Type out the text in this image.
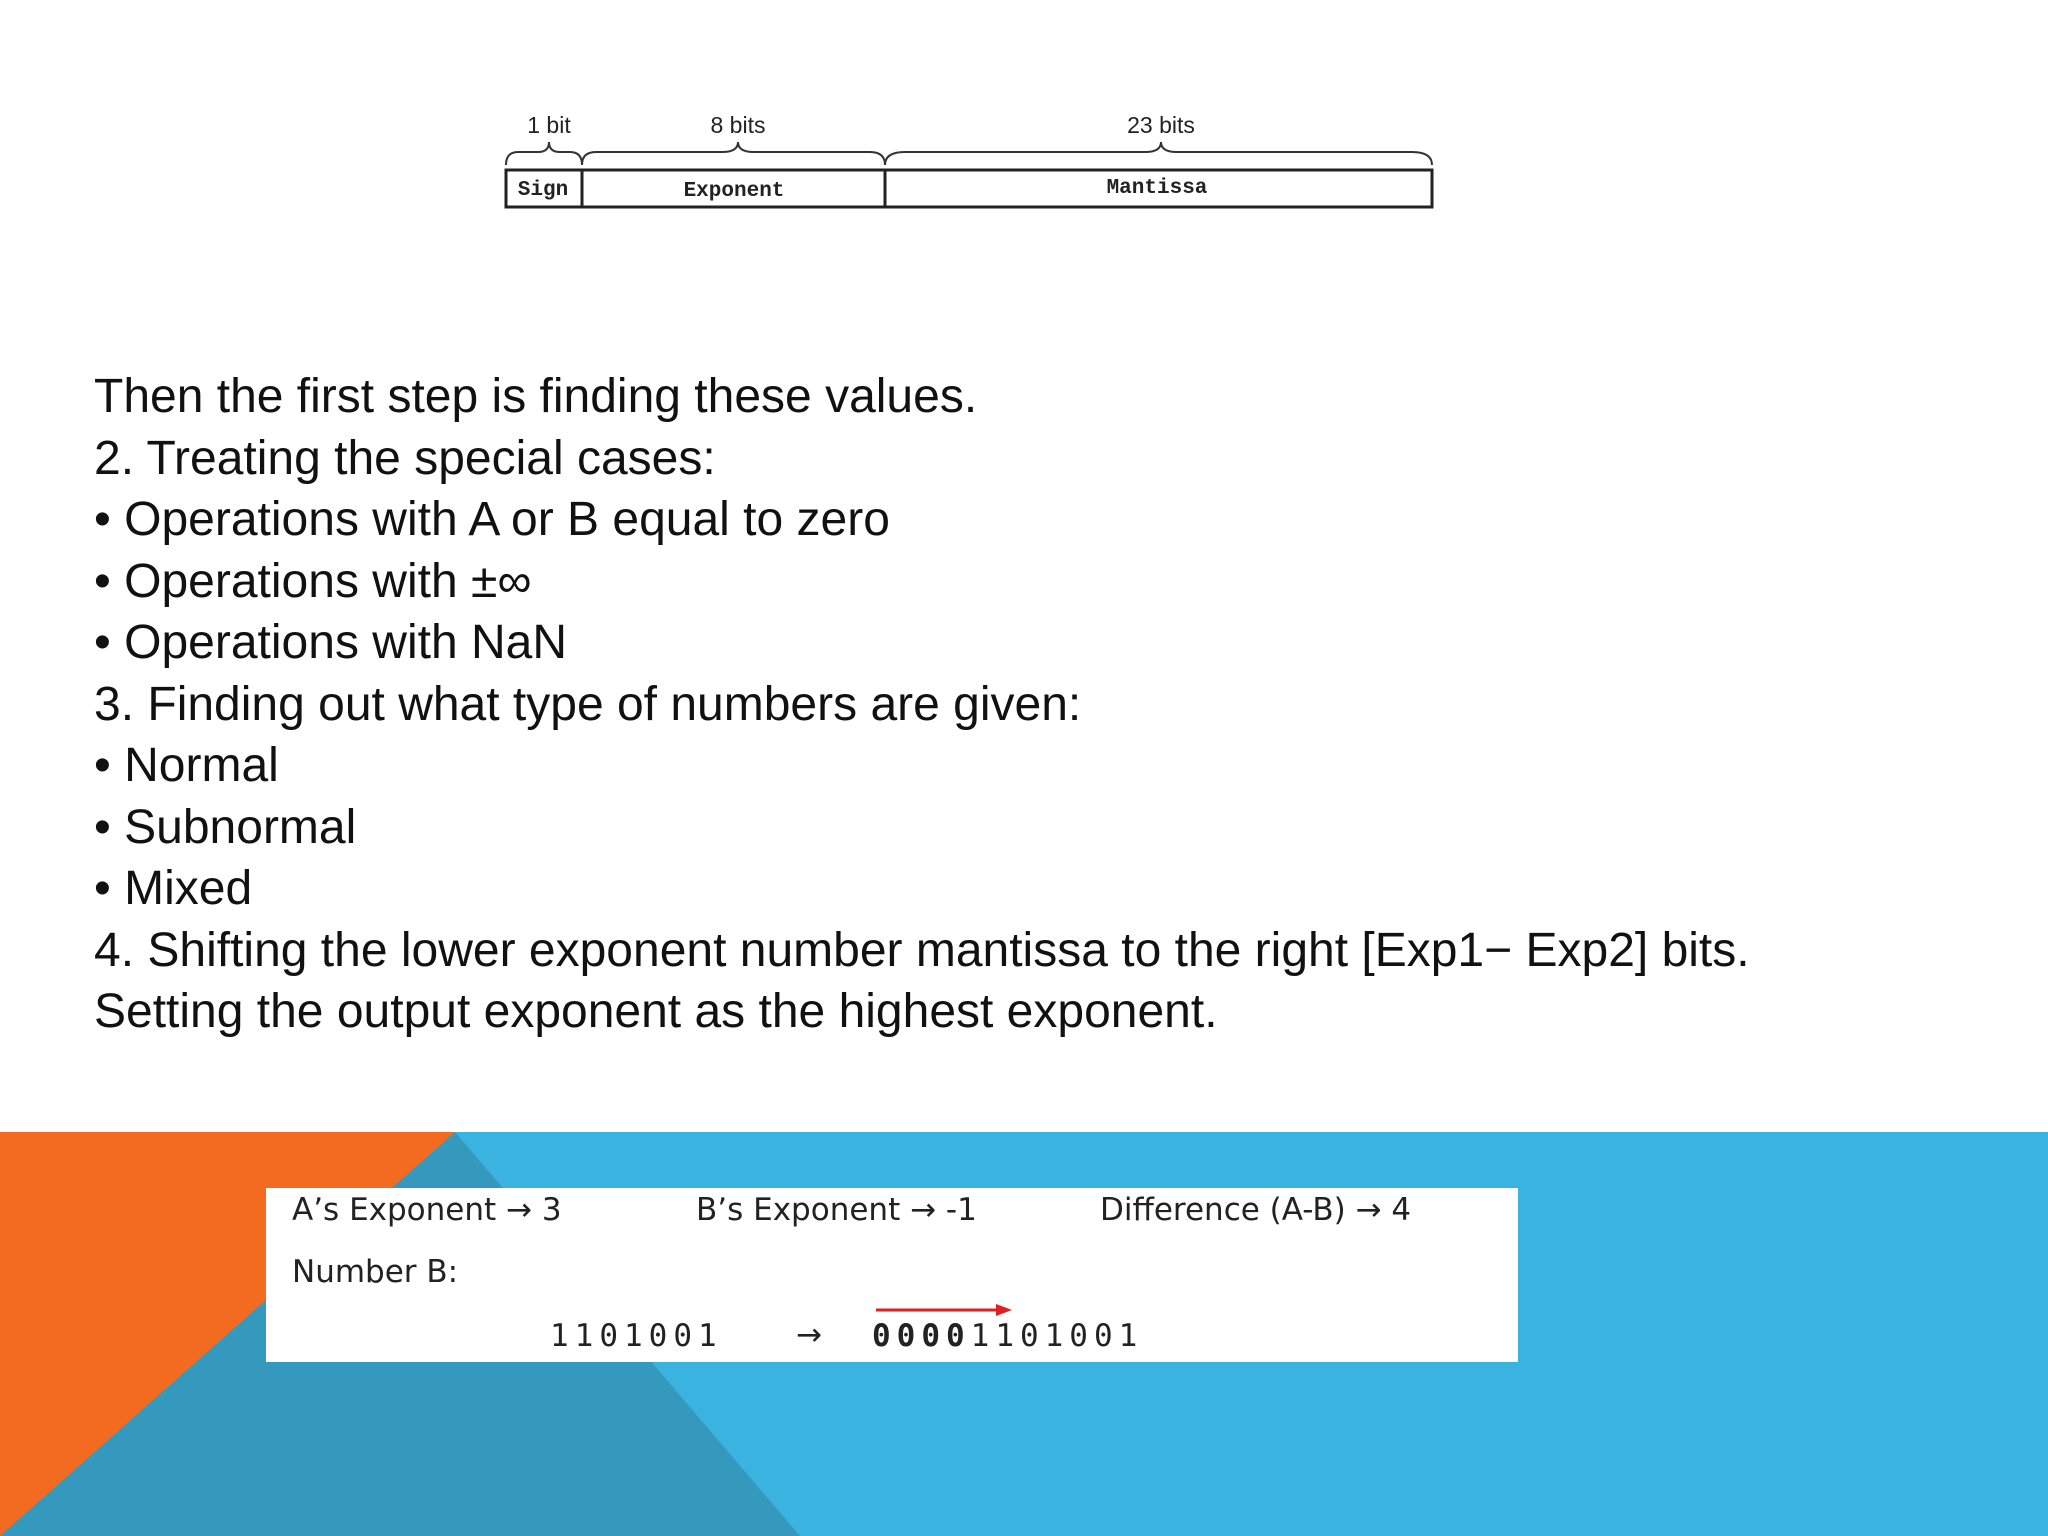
1 bit	8 bits	23 bits
Sign	Exponent	Mantissa
Then the first step is finding these values.
2. Treating the special cases:
• Operations with A or B equal to zero
• Operations with ±∞
• Operations with NaN
3. Finding out what type of numbers are given:
• Normal
• Subnormal
• Mixed
4. Shifting the lower exponent number mantissa to the right [Exp1− Exp2] bits.
Setting the output exponent as the highest exponent.
A’s Exponent → 3	B’s Exponent → -1	Difference (A-B) → 4
Number B:
1101001 → 00001101001
